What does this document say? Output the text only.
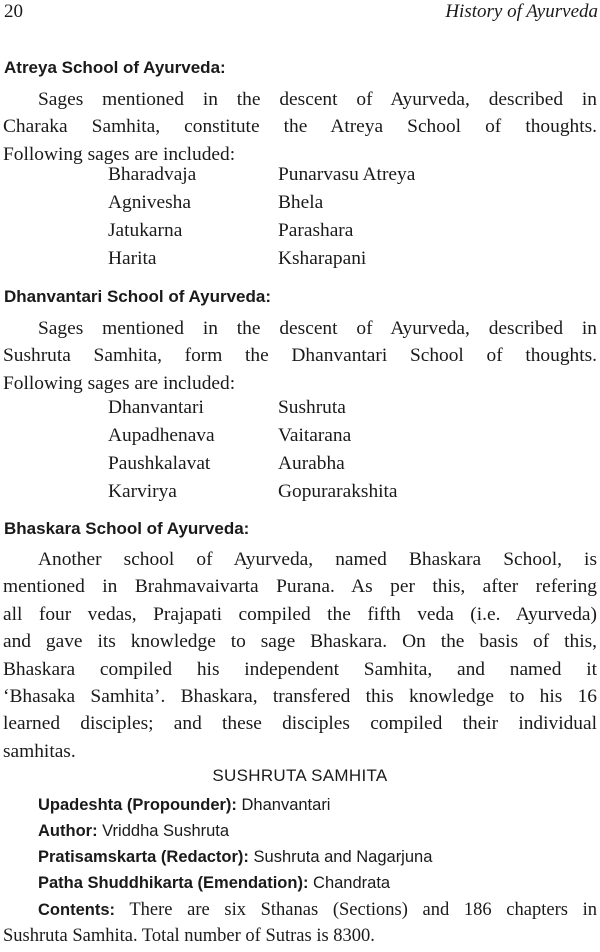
20	History of Ayurveda
Atreya School of Ayurveda:
Sages mentioned in the descent of Ayurveda, described in
Charaka Samhita, constitute the Atreya School of thoughts.
Following sages are included:
Bharadvaja	Punarvasu Atreya
Agnivesha	Bhela
Jatukarna	Parashara
Harita	Ksharapani
Dhanvantari School of Ayurveda:
Sages mentioned in the descent of Ayurveda, described in
Sushruta Samhita, form the Dhanvantari School of thoughts.
Following sages are included:
Dhanvantari	Sushruta
Aupadhenava	Vaitarana
Paushkalavat	Aurabha
Karvirya	Gopurarakshita
Bhaskara School of Ayurveda:
Another school of Ayurveda, named Bhaskara School, is
mentioned in Brahmavaivarta Purana. As per this, after refering
all four vedas, Prajapati compiled the fifth veda (i.e. Ayurveda)
and gave its knowledge to sage Bhaskara. On the basis of this,
Bhaskara compiled his independent Samhita, and named it
‘Bhasaka Samhita’. Bhaskara, transfered this knowledge to his 16
learned disciples; and these disciples compiled their individual
samhitas.
SUSHRUTA SAMHITA
Upadeshta (Propounder): Dhanvantari
Author: Vriddha Sushruta
Pratisamskarta (Redactor): Sushruta and Nagarjuna
Patha Shuddhikarta (Emendation): Chandrata
Contents: There are six Sthanas (Sections) and 186 chapters in
Sushruta Samhita. Total number of Sutras is 8300.
